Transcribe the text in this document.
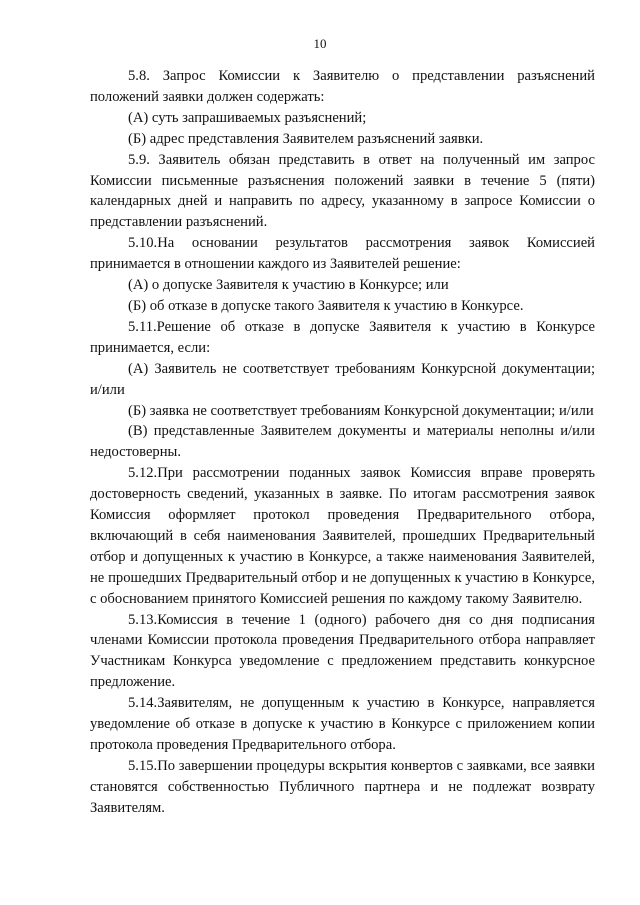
10

5.8. Запрос Комиссии к Заявителю о представлении разъяснений положений заявки должен содержать:

(А) суть запрашиваемых разъяснений;

(Б) адрес представления Заявителем разъяснений заявки.

5.9. Заявитель обязан представить в ответ на полученный им запрос Комиссии письменные разъяснения положений заявки в течение 5 (пяти) календарных дней и направить по адресу, указанному в запросе Комиссии о представлении разъяснений.

5.10.На основании результатов рассмотрения заявок Комиссией принимается в отношении каждого из Заявителей решение:

(А) о допуске Заявителя к участию в Конкурсе; или

(Б) об отказе в допуске такого Заявителя к участию в Конкурсе.

5.11.Решение об отказе в допуске Заявителя к участию в Конкурсе принимается, если:

(А) Заявитель не соответствует требованиям Конкурсной документации; и/или

(Б) заявка не соответствует требованиям Конкурсной документации; и/или

(В) представленные Заявителем документы и материалы неполны и/или недостоверны.

5.12.При рассмотрении поданных заявок Комиссия вправе проверять достоверность сведений, указанных в заявке. По итогам рассмотрения заявок Комиссия оформляет протокол проведения Предварительного отбора, включающий в себя наименования Заявителей, прошедших Предварительный отбор и допущенных к участию в Конкурсе, а также наименования Заявителей, не прошедших Предварительный отбор и не допущенных к участию в Конкурсе, с обоснованием принятого Комиссией решения по каждому такому Заявителю.

5.13.Комиссия в течение 1 (одного) рабочего дня со дня подписания членами Комиссии протокола проведения Предварительного отбора направляет Участникам Конкурса уведомление с предложением представить конкурсное предложение.

5.14.Заявителям, не допущенным к участию в Конкурсе, направляется уведомление об отказе в допуске к участию в Конкурсе с приложением копии протокола проведения Предварительного отбора.

5.15.По завершении процедуры вскрытия конвертов с заявками, все заявки становятся собственностью Публичного партнера и не подлежат возврату Заявителям.
